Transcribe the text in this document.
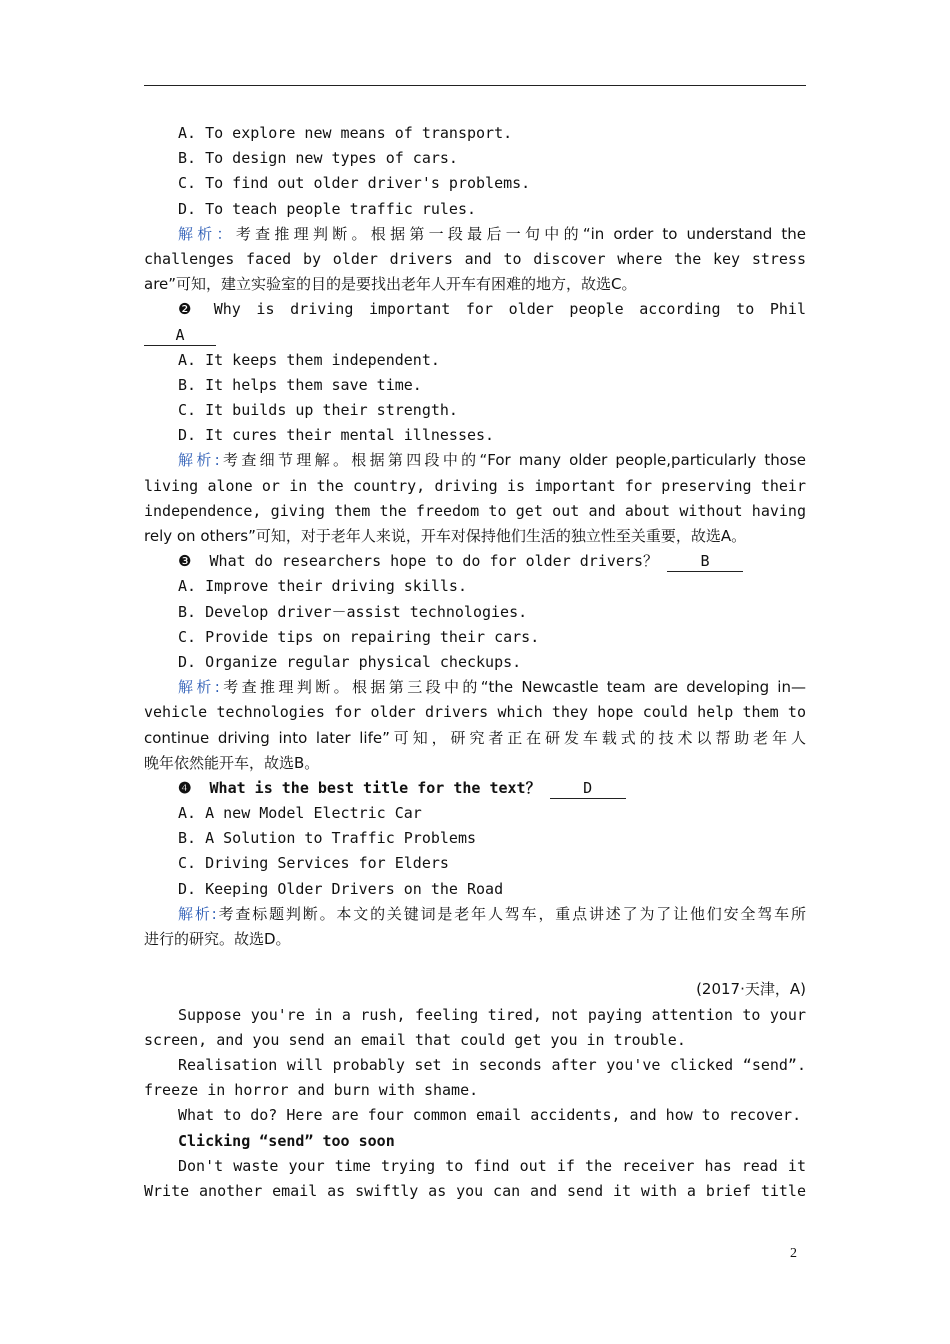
A. To explore new means of transport.
B. To design new types of cars.
C. To find out older driver's problems.
D. To teach people traffic rules.
解析：考查推理判断。根据第一段最后一句中的“in order to understand the
challenges faced by older drivers and to discover where the key stress
are”可知，建立实验室的目的是要找出老年人开车有困难的地方，故选C。
❷ Why is driving important for older people according to Phil
A
A. It keeps them independent.
B. It helps them save time.
C. It builds up their strength.
D. It cures their mental illnesses.
解析:考查细节理解。根据第四段中的“For many older people,particularly those
living alone or in the country, driving is important for preserving their
independence, giving them the freedom to get out and about without having
rely on others”可知，对于老年人来说，开车对保持他们生活的独立性至关重要，故选A。
❸  What do researchers hope to do for older drivers？	B
A. Improve their driving skills.
B. Develop driver－assist technologies.
C. Provide tips on repairing their cars.
D. Organize regular physical checkups.
解析:考查推理判断。根据第三段中的“the Newcastle team are developing in—
vehicle technologies for older drivers which they hope could help them to
continue driving into later life”可知，研究者正在研发车载式的技术以帮助老年人
晚年依然能开车，故选B。
❹  What is the best title for the text？	D
A. A new Model Electric Car
B. A Solution to Traffic Problems
C. Driving Services for Elders
D. Keeping Older Drivers on the Road
解析:考查标题判断。本文的关键词是老年人驾车，重点讲述了为了让他们安全驾车所
进行的研究。故选D。
(2017·天津，A)
Suppose you're in a rush, feeling tired, not paying attention to your
screen, and you send an email that could get you in trouble.
Realisation will probably set in seconds after you've clicked “send”.
freeze in horror and burn with shame.
What to do? Here are four common email accidents, and how to recover.
Clicking “send” too soon
Don't waste your time trying to find out if the receiver has read it
Write another email as swiftly as you can and send it with a brief title
2
